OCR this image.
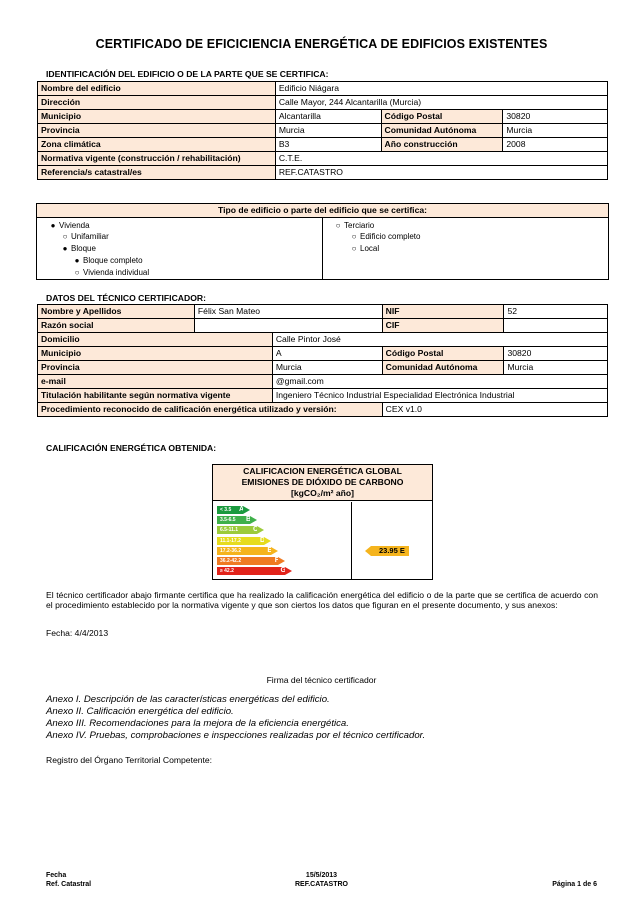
CERTIFICADO DE EFICICIENCIA ENERGÉTICA DE EDIFICIOS EXISTENTES
IDENTIFICACIÓN DEL EDIFICIO O DE LA PARTE QUE SE CERTIFICA:
Nombre del edificio	Edificio Niágara		
Dirección	Calle Mayor, 244 Alcantarilla (Murcia)		
Municipio	Alcantarilla	Código Postal	30820
Provincia	Murcia	Comunidad Autónoma	Murcia
Zona climática	B3	Año construcción	2008
Normativa vigente (construcción / rehabilitación)	C.T.E.		
Referencia/s catastral/es	REF.CATASTRO		
Tipo de edificio o parte del edificio que se certifica:
● Vivienda
○ Unifamiliar
● Bloque
● Bloque completo
○ Vivienda individual
○ Terciario
○ Edificio completo
○ Local
DATOS DEL TÉCNICO CERTIFICADOR:
Nombre y Apellidos	Félix San Mateo		NIF	52
Razón social			CIF	
Domicilio		Calle Pintor José		
Municipio		A	Código Postal	30820
Provincia		Murcia	Comunidad Autónoma	Murcia
e-mail		@gmail.com		
Titulación habilitante según normativa vigente		Ingeniero Técnico Industrial Especialidad Electrónica Industrial		
Procedimiento reconocido de calificación energética utilizado y versión:			CEX v1.0	
CALIFICACIÓN ENERGÉTICA OBTENIDA:
CALIFICACION ENERGÉTICA GLOBAL
EMISIONES DE DIÓXIDO DE CARBONO
[kgCO₂/m² año]
< 3.5 A
3.5-6.5 B
6.5-11.1 C
11.1-17.2	D
17.2-36.2	E
36.2-42.2	F
≥ 42.2	G
23.95 E
El técnico certificador abajo firmante certifica que ha realizado la calificación energética del edificio o de la parte que se certifica de acuerdo con el procedimiento establecido por la normativa vigente y que son ciertos los datos que figuran en el presente documento, y sus anexos:
Fecha: 4/4/2013
Firma del técnico certificador
Anexo I. Descripción de las características energéticas del edificio.
Anexo II. Calificación energética del edificio.
Anexo III. Recomendaciones para la mejora de la eficiencia energética.
Anexo IV. Pruebas, comprobaciones e inspecciones realizadas por el técnico certificador.
Registro del Órgano Territorial Competente:
Fecha
Ref. Catastral
15/5/2013
REF.CATASTRO	Página 1 de 6
